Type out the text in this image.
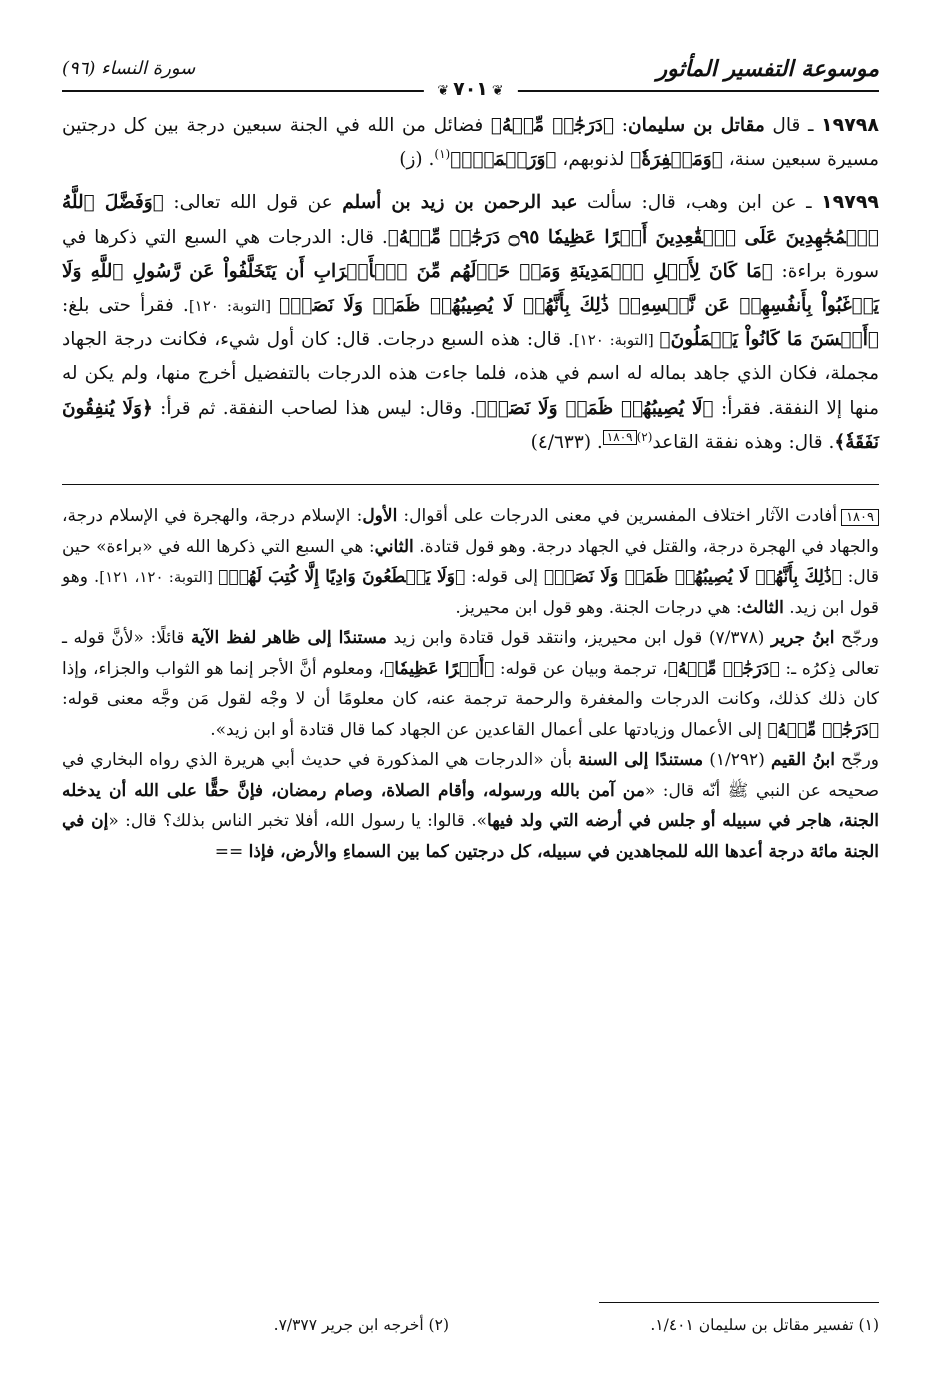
موسوعة التفسير المأثور
سورة النساء (٩٦)
❦٧٠١❦

١٩٧٩٨ ـ قال مقاتل بن سليمان: ﴿دَرَجَٰتٖ مِّنۡهُ﴾ فضائل من الله في الجنة سبعين درجة بين كل درجتين مسيرة سبعين سنة، ﴿وَمَغۡفِرَةٗ﴾ لذنوبهم، ﴿وَرَحۡمَةٗۚ﴾$^{(١)}$. (ز)

١٩٧٩٩ ـ عن ابن وهب، قال: سألت عبد الرحمن بن زيد بن أسلم عن قول الله تعالى: ﴿وَفَضَّلَ ٱللَّهُ ٱلۡمُجَٰهِدِينَ عَلَى ٱلۡقَٰعِدِينَ أَجۡرًا عَظِيمٗا ۝٩٥ دَرَجَٰتٖ مِّنۡهُ﴾. قال: الدرجات هي السبع التي ذكرها في سورة براءة: ﴿مَا كَانَ لِأَهۡلِ ٱلۡمَدِينَةِ وَمَنۡ حَوۡلَهُم مِّنَ ٱلۡأَعۡرَابِ أَن يَتَخَلَّفُواْ عَن رَّسُولِ ٱللَّهِ وَلَا يَرۡغَبُواْ بِأَنفُسِهِمۡ عَن نَّفۡسِهِۦۚ ذَٰلِكَ بِأَنَّهُمۡ لَا يُصِيبُهُمۡ ظَمَأٞ وَلَا نَصَبٞ﴾ [التوبة: ١٢٠]. فقرأ حتى بلغ: ﴿أَحۡسَنَ مَا كَانُواْ يَعۡمَلُونَ﴾ [التوبة: ١٢٠]. قال: هذه السبع درجات. قال: كان أول شيء، فكانت درجة الجهاد مجملة، فكان الذي جاهد بماله له اسم في هذه، فلما جاءت هذه الدرجات بالتفضيل أخرج منها، ولم يكن له منها إلا النفقة. فقرأ: ﴿لَا يُصِيبُهُمۡ ظَمَأٞ وَلَا نَصَبٞ﴾. وقال: ليس هذا لصاحب النفقة. ثم قرأ: ﴿وَلَا يُنفِقُونَ نَفَقَةٗ﴾. قال: وهذه نفقة القاعد$^{(٢)}$١٨٠٩. (٤/٦٣٣)

١٨٠٩أفادت الآثار اختلاف المفسرين في معنى الدرجات على أقوال: الأول: الإسلام درجة، والهجرة في الإسلام درجة، والجهاد في الهجرة درجة، والقتل في الجهاد درجة. وهو قول قتادة. الثاني: هي السبع التي ذكرها الله في «براءة» حين قال: ﴿ذَٰلِكَ بِأَنَّهُمۡ لَا يُصِيبُهُمۡ ظَمَأٞ وَلَا نَصَبٞ﴾ إلى قوله: ﴿وَلَا يَقۡطَعُونَ وَادِيًا إِلَّا كُتِبَ لَهُمۡ﴾ [التوبة: ١٢٠، ١٢١]. وهو قول ابن زيد. الثالث: هي درجات الجنة. وهو قول ابن محيريز.

ورجّح ابنُ جرير (٧/٣٧٨) قول ابن محيريز، وانتقد قول قتادة وابن زيد مستندًا إلى ظاهر لفظ الآية قائلًا: «لأنَّ قوله ـ تعالى ذِكرُه ـ: ﴿دَرَجَٰتٖ مِّنۡهُ﴾، ترجمة وبيان عن قوله: ﴿أَجۡرًا عَظِيمٗا﴾، ومعلوم أنَّ الأجر إنما هو الثواب والجزاء، وإذا كان ذلك كذلك، وكانت الدرجات والمغفرة والرحمة ترجمة عنه، كان معلومًا أن لا وجْه لقول مَن وجَّه معنى قوله: ﴿دَرَجَٰتٖ مِّنۡهُ﴾ إلى الأعمال وزيادتها على أعمال القاعدين عن الجهاد كما قال قتادة أو ابن زيد».

ورجّح ابنُ القيم (١/٢٩٢) مستندًا إلى السنة بأن «الدرجات هي المذكورة في حديث أبي هريرة الذي رواه البخاري في صحيحه عن النبي ﷺ أنّه قال: «من آمن بالله ورسوله، وأقام الصلاة، وصام رمضان، فإنَّ حقًّا على الله أن يدخله الجنة، هاجر في سبيله أو جلس في أرضه التي ولد فيها». قالوا: يا رسول الله، أفلا تخبر الناس بذلك؟ قال: «إن في الجنة مائة درجة أعدها الله للمجاهدين في سبيله، كل درجتين كما بين السماءِ والأرض، فإذا ==

(١) تفسير مقاتل بن سليمان ١/٤٠١.
(٢) أخرجه ابن جرير ٧/٣٧٧.
